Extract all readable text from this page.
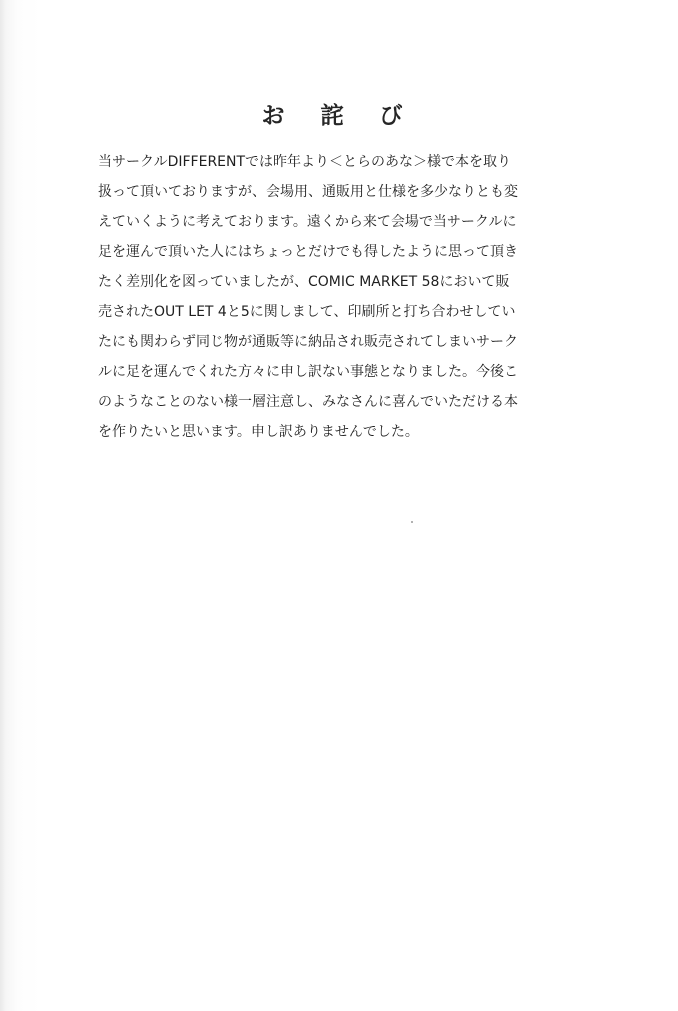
お 詫 び
当サークルDIFFERENTでは昨年より＜とらのあな＞様で本を取り
扱って頂いておりますが、会場用、通販用と仕様を多少なりとも変
えていくように考えております。遠くから来て会場で当サークルに
足を運んで頂いた人にはちょっとだけでも得したように思って頂き
たく差別化を図っていましたが、COMIC MARKET 58において販
売されたOUT LET 4と5に関しまして、印刷所と打ち合わせしてい
たにも関わらず同じ物が通販等に納品され販売されてしまいサーク
ルに足を運んでくれた方々に申し訳ない事態となりました。今後こ
のようなことのない様一層注意し、みなさんに喜んでいただける本
を作りたいと思います。申し訳ありませんでした。
